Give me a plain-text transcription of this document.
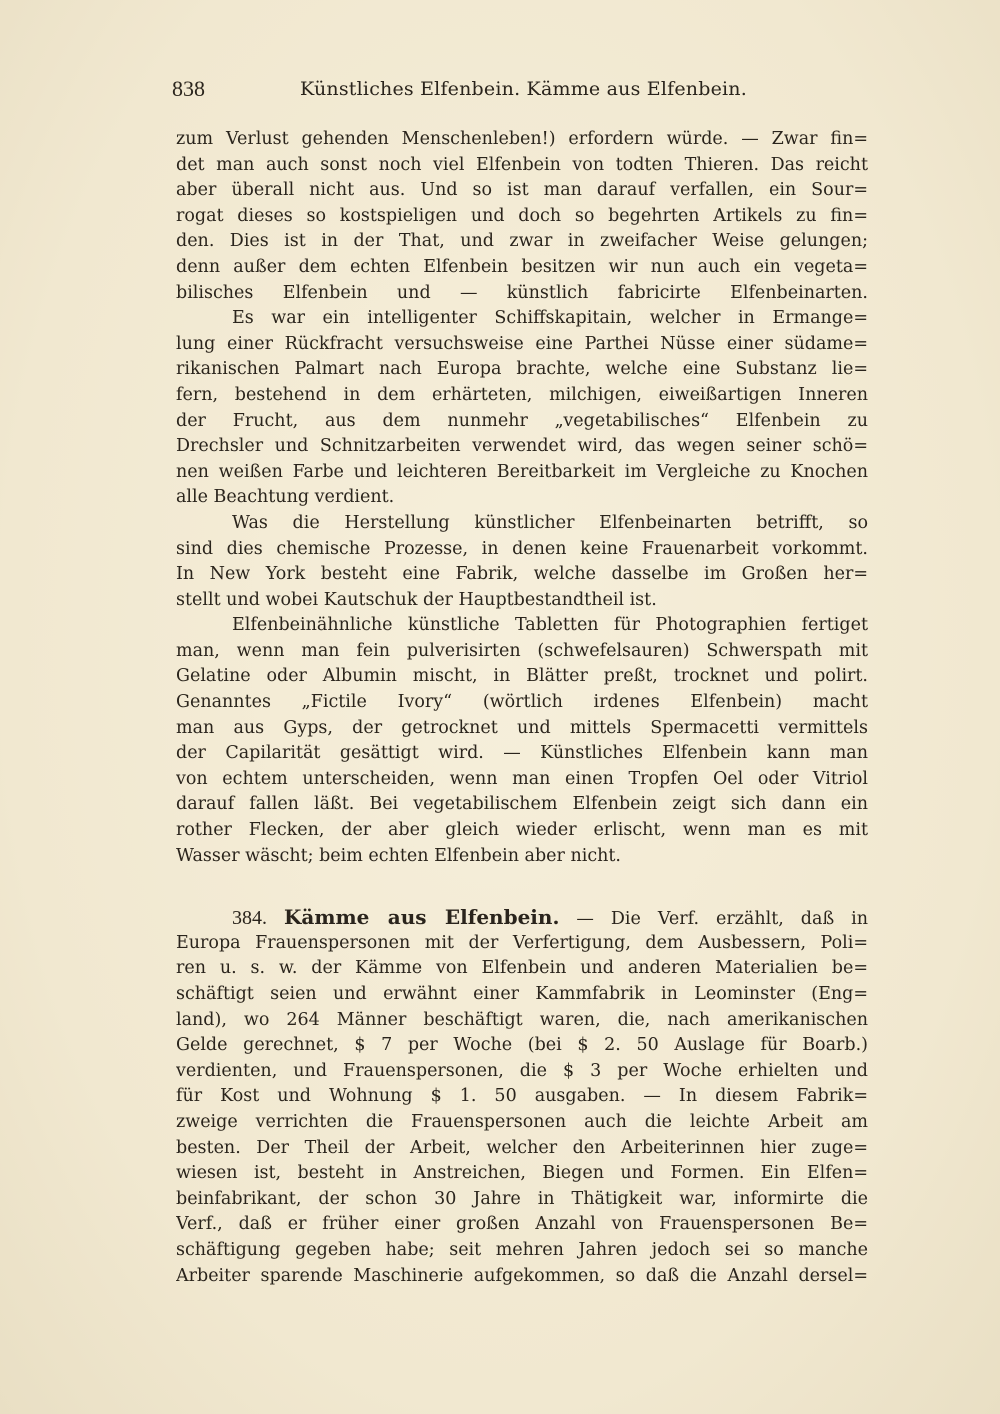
838	Künstliches Elfenbein. Kämme aus Elfenbein.
zum Verlust gehenden Menschenleben!) erfordern würde. — Zwar fin=
det man auch sonst noch viel Elfenbein von todten Thieren. Das reicht
aber überall nicht aus. Und so ist man darauf verfallen, ein Sour=
rogat dieses so kostspieligen und doch so begehrten Artikels zu fin=
den. Dies ist in der That, und zwar in zweifacher Weise gelungen;
denn außer dem echten Elfenbein besitzen wir nun auch ein vegeta=
bilisches Elfenbein und — künstlich fabricirte Elfenbeinarten.
Es war ein intelligenter Schiffskapitain, welcher in Ermange=
lung einer Rückfracht versuchsweise eine Parthei Nüsse einer südame=
rikanischen Palmart nach Europa brachte, welche eine Substanz lie=
fern, bestehend in dem erhärteten, milchigen, eiweißartigen Inneren
der Frucht, aus dem nunmehr „vegetabilisches“ Elfenbein zu
Drechsler und Schnitzarbeiten verwendet wird, das wegen seiner schö=
nen weißen Farbe und leichteren Bereitbarkeit im Vergleiche zu Knochen
alle Beachtung verdient.
Was die Herstellung künstlicher Elfenbeinarten betrifft, so
sind dies chemische Prozesse, in denen keine Frauenarbeit vorkommt.
In New York besteht eine Fabrik, welche dasselbe im Großen her=
stellt und wobei Kautschuk der Hauptbestandtheil ist.
Elfenbeinähnliche künstliche Tabletten für Photographien fertiget
man, wenn man fein pulverisirten (schwefelsauren) Schwerspath mit
Gelatine oder Albumin mischt, in Blätter preßt, trocknet und polirt.
Genanntes „Fictile Ivory“ (wörtlich irdenes Elfenbein) macht
man aus Gyps, der getrocknet und mittels Spermacetti vermittels
der Capilarität gesättigt wird. — Künstliches Elfenbein kann man
von echtem unterscheiden, wenn man einen Tropfen Oel oder Vitriol
darauf fallen läßt. Bei vegetabilischem Elfenbein zeigt sich dann ein
rother Flecken, der aber gleich wieder erlischt, wenn man es mit
Wasser wäscht; beim echten Elfenbein aber nicht.
384. Kämme aus Elfenbein. — Die Verf. erzählt, daß in
Europa Frauenspersonen mit der Verfertigung, dem Ausbessern, Poli=
ren u. s. w. der Kämme von Elfenbein und anderen Materialien be=
schäftigt seien und erwähnt einer Kammfabrik in Leominster (Eng=
land), wo 264 Männer beschäftigt waren, die, nach amerikanischen
Gelde gerechnet, $ 7 per Woche (bei $ 2. 50 Auslage für Boarb.)
verdienten, und Frauenspersonen, die $ 3 per Woche erhielten und
für Kost und Wohnung $ 1. 50 ausgaben. — In diesem Fabrik=
zweige verrichten die Frauenspersonen auch die leichte Arbeit am
besten. Der Theil der Arbeit, welcher den Arbeiterinnen hier zuge=
wiesen ist, besteht in Anstreichen, Biegen und Formen. Ein Elfen=
beinfabrikant, der schon 30 Jahre in Thätigkeit war, informirte die
Verf., daß er früher einer großen Anzahl von Frauenspersonen Be=
schäftigung gegeben habe; seit mehren Jahren jedoch sei so manche
Arbeiter sparende Maschinerie aufgekommen, so daß die Anzahl dersel=
